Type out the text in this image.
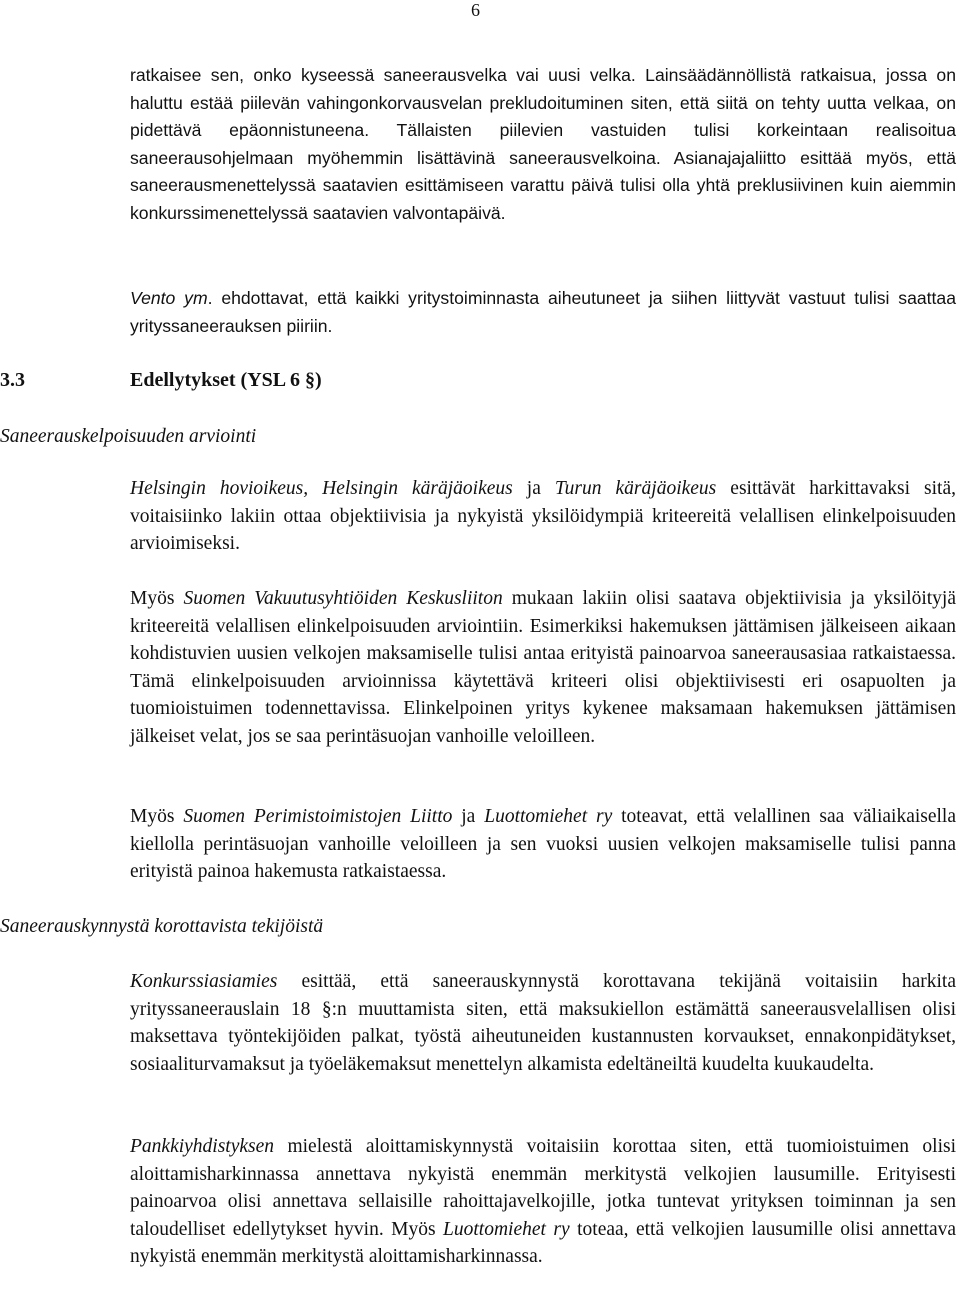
6

ratkaisee sen, onko kyseessä saneerausvelka vai uusi velka. Lainsäädännöllistä ratkaisua, jossa on haluttu estää piilevän vahingonkorvausvelan prekludoituminen siten, että siitä on tehty uutta velkaa, on pidettävä epäonnistuneena. Tällaisten piilevien vastuiden tulisi korkeintaan realisoitua saneerausohjelmaan myöhemmin lisättävinä saneerausvelkoina. Asianajajaliitto esittää myös, että saneerausmenettelyssä saatavien esittämiseen varattu päivä tulisi olla yhtä preklusiivinen kuin aiemmin konkurssimenettelyssä saatavien valvontapäivä.

Vento ym. ehdottavat, että kaikki yritystoiminnasta aiheutuneet ja siihen liittyvät vastuut tulisi saattaa yrityssaneerauksen piiriin.

3.3	Edellytykset (YSL 6 §)
Saneerauskelpoisuuden arviointi

Helsingin hovioikeus, Helsingin käräjäoikeus ja Turun käräjäoikeus esittävät harkittavaksi sitä, voitaisiinko lakiin ottaa objektiivisia ja nykyistä yksilöidympiä kriteereitä velallisen elinkelpoisuuden arvioimiseksi.

Myös Suomen Vakuutusyhtiöiden Keskusliiton mukaan lakiin olisi saatava objektiivisia ja yksilöityjä kriteereitä velallisen elinkelpoisuuden arviointiin. Esimerkiksi hakemuksen jättämisen jälkeiseen aikaan kohdistuvien uusien velkojen maksamiselle tulisi antaa erityistä painoarvoa saneerausasiaa ratkaistaessa. Tämä elinkelpoisuuden arvioinnissa käytettävä kriteeri olisi objektiivisesti eri osapuolten ja tuomioistuimen todennettavissa. Elinkelpoinen yritys kykenee maksamaan hakemuksen jättämisen jälkeiset velat, jos se saa perintäsuojan vanhoille veloilleen.

Myös Suomen Perimistoimistojen Liitto ja Luottomiehet ry toteavat, että velallinen saa väliaikaisella kiellolla perintäsuojan vanhoille veloilleen ja sen vuoksi uusien velkojen maksamiselle tulisi panna erityistä painoa hakemusta ratkaistaessa.

Saneerauskynnystä korottavista tekijöistä

Konkurssiasiamies esittää, että saneerauskynnystä korottavana tekijänä voitaisiin harkita yrityssaneerauslain 18 §:n muuttamista siten, että maksukiellon estämättä saneerausvelallisen olisi maksettava työntekijöiden palkat, työstä aiheutuneiden kustannusten korvaukset, ennakonpidätykset, sosiaaliturvamaksut ja työeläkemaksut menettelyn alkamista edeltäneiltä kuudelta kuukaudelta.

Pankkiyhdistyksen mielestä aloittamiskynnystä voitaisiin korottaa siten, että tuomioistuimen olisi aloittamisharkinnassa annettava nykyistä enemmän merkitystä velkojien lausumille. Erityisesti painoarvoa olisi annettava sellaisille rahoittajavelkojille, jotka tuntevat yrityksen toiminnan ja sen taloudelliset edellytykset hyvin. Myös Luottomiehet ry toteaa, että velkojien lausumille olisi annettava nykyistä enemmän merkitystä aloittamisharkinnassa.
